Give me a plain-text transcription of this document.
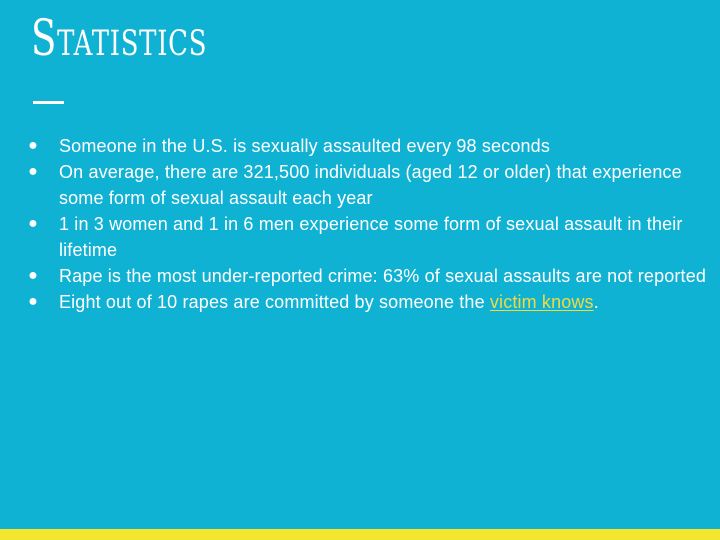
Statistics
● Someone in the U.S. is sexually assaulted every 98 seconds
● On average, there are 321,500 individuals (aged 12 or older) that experience some form of sexual assault each year
● 1 in 3 women and 1 in 6 men experience some form of sexual assault in their lifetime
● Rape is the most under-reported crime: 63% of sexual assaults are not reported
● Eight out of 10 rapes are committed by someone the victim knows.
